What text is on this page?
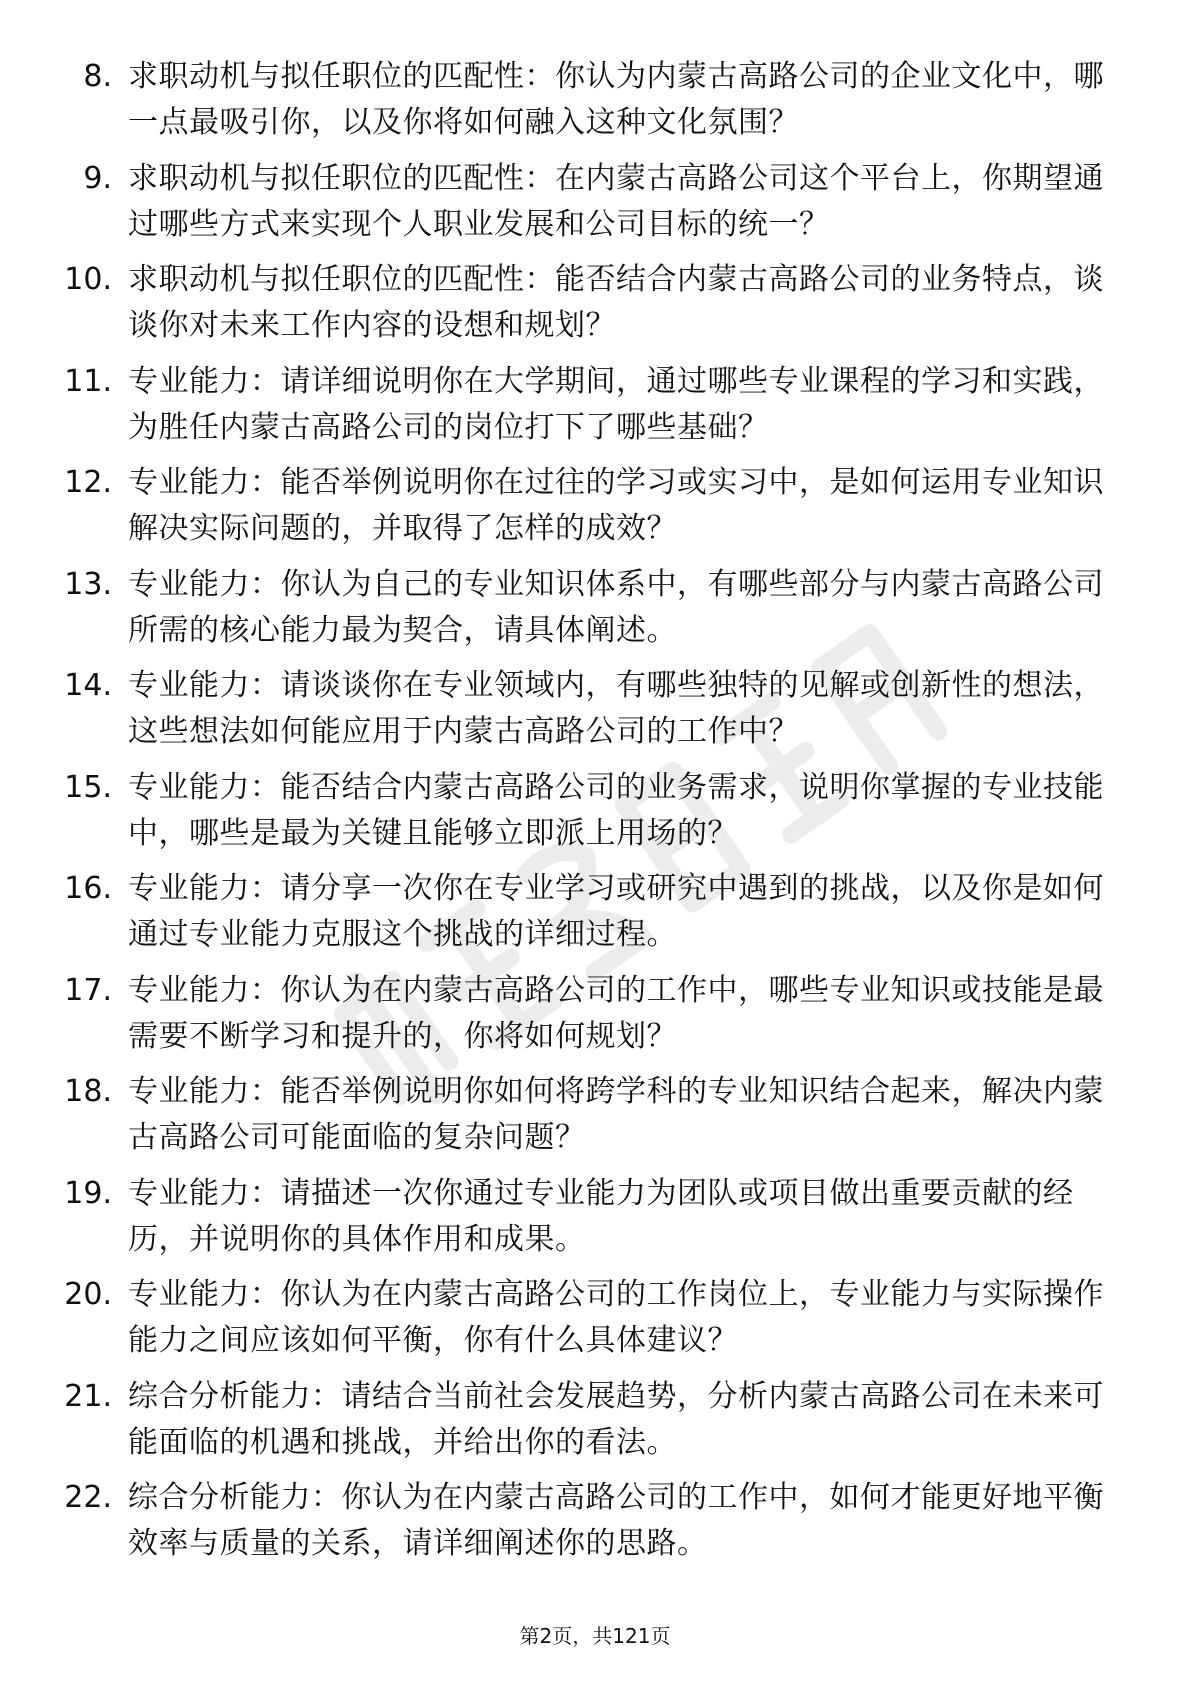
8. 求职动机与拟任职位的匹配性：你认为内蒙古高路公司的企业文化中，哪一点最吸引你，以及你将如何融入这种文化氛围？
9. 求职动机与拟任职位的匹配性：在内蒙古高路公司这个平台上，你期望通过哪些方式来实现个人职业发展和公司目标的统一？
10. 求职动机与拟任职位的匹配性：能否结合内蒙古高路公司的业务特点，谈谈你对未来工作内容的设想和规划？
11. 专业能力：请详细说明你在大学期间，通过哪些专业课程的学习和实践，为胜任内蒙古高路公司的岗位打下了哪些基础？
12. 专业能力：能否举例说明你在过往的学习或实习中，是如何运用专业知识解决实际问题的，并取得了怎样的成效？
13. 专业能力：你认为自己的专业知识体系中，有哪些部分与内蒙古高路公司所需的核心能力最为契合，请具体阐述。
14. 专业能力：请谈谈你在专业领域内，有哪些独特的见解或创新性的想法，这些想法如何能应用于内蒙古高路公司的工作中？
15. 专业能力：能否结合内蒙古高路公司的业务需求，说明你掌握的专业技能中，哪些是最为关键且能够立即派上用场的？
16. 专业能力：请分享一次你在专业学习或研究中遇到的挑战，以及你是如何通过专业能力克服这个挑战的详细过程。
17. 专业能力：你认为在内蒙古高路公司的工作中，哪些专业知识或技能是最需要不断学习和提升的，你将如何规划？
18. 专业能力：能否举例说明你如何将跨学科的专业知识结合起来，解决内蒙古高路公司可能面临的复杂问题？
19. 专业能力：请描述一次你通过专业能力为团队或项目做出重要贡献的经历，并说明你的具体作用和成果。
20. 专业能力：你认为在内蒙古高路公司的工作岗位上，专业能力与实际操作能力之间应该如何平衡，你有什么具体建议？
21. 综合分析能力：请结合当前社会发展趋势，分析内蒙古高路公司在未来可能面临的机遇和挑战，并给出你的看法。
22. 综合分析能力：你认为在内蒙古高路公司的工作中，如何才能更好地平衡效率与质量的关系，请详细阐述你的思路。
第2页，共121页
